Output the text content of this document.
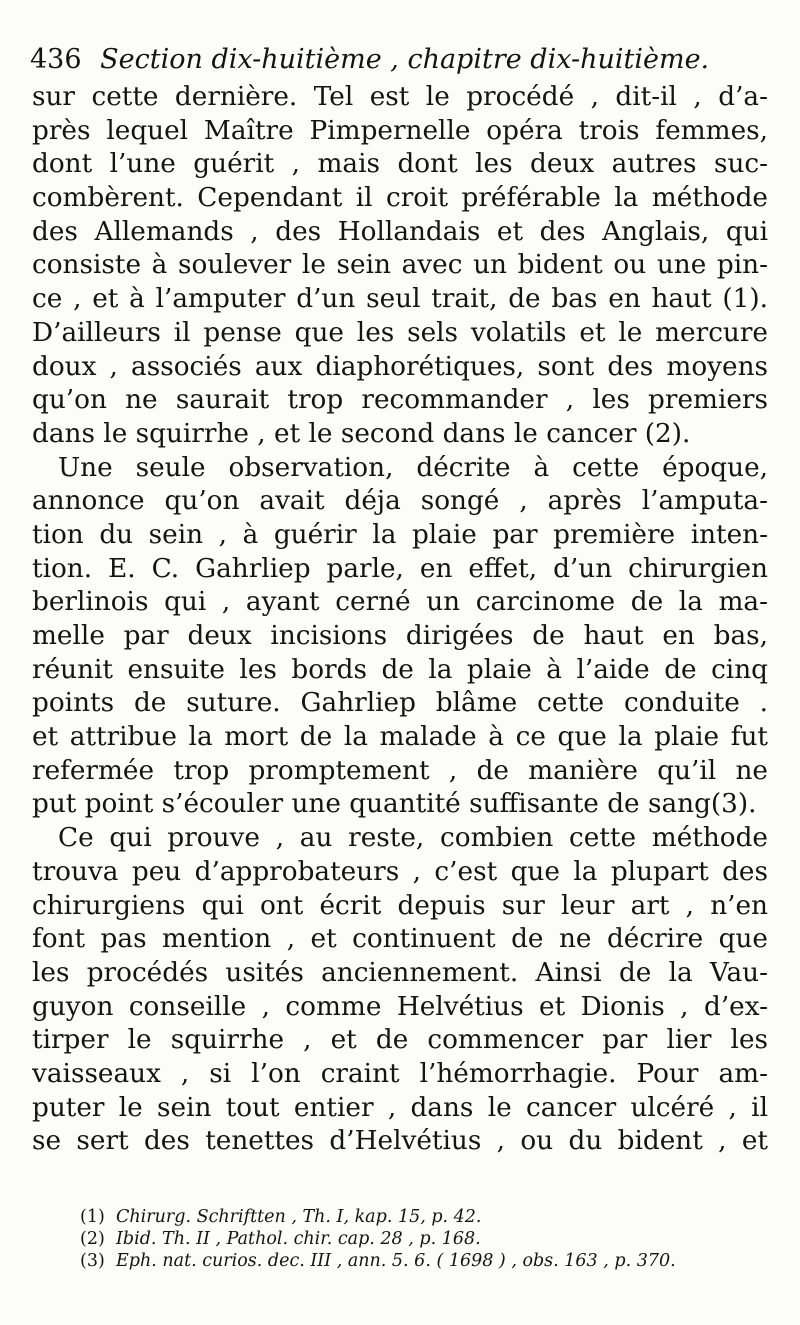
436 Section dix-huitième , chapitre dix-huitième.
sur cette dernière. Tel est le procédé , dit-il , d’a-
près lequel Maître Pimpernelle opéra trois femmes,
dont l’une guérit , mais dont les deux autres suc-
combèrent. Cependant il croit préférable la méthode
des Allemands , des Hollandais et des Anglais, qui
consiste à soulever le sein avec un bident ou une pin-
ce , et à l’amputer d’un seul trait, de bas en haut (1).
D’ailleurs il pense que les sels volatils et le mercure
doux , associés aux diaphorétiques, sont des moyens
qu’on ne saurait trop recommander , les premiers
dans le squirrhe , et le second dans le cancer (2).
Une seule observation, décrite à cette époque,
annonce qu’on avait déja songé , après l’amputa-
tion du sein , à guérir la plaie par première inten-
tion. E. C. Gahrliep parle, en effet, d’un chirurgien
berlinois qui , ayant cerné un carcinome de la ma-
melle par deux incisions dirigées de haut en bas,
réunit ensuite les bords de la plaie à l’aide de cinq
points de suture. Gahrliep blâme cette conduite .
et attribue la mort de la malade à ce que la plaie fut
refermée trop promptement , de manière qu’il ne
put point s’écouler une quantité suffisante de sang(3).
Ce qui prouve , au reste, combien cette méthode
trouva peu d’approbateurs , c’est que la plupart des
chirurgiens qui ont écrit depuis sur leur art , n’en
font pas mention , et continuent de ne décrire que
les procédés usités anciennement. Ainsi de la Vau-
guyon conseille , comme Helvétius et Dionis , d’ex-
tirper le squirrhe , et de commencer par lier les
vaisseaux , si l’on craint l’hémorrhagie. Pour am-
puter le sein tout entier , dans le cancer ulcéré , il
se sert des tenettes d’Helvétius , ou du bident , et
(1) Chirurg. Schriftten , Th. I, kap. 15, p. 42.
(2) Ibid. Th. II , Pathol. chir. cap. 28 , p. 168.
(3) Eph. nat. curios. dec. III , ann. 5. 6. ( 1698 ) , obs. 163 , p. 370.
